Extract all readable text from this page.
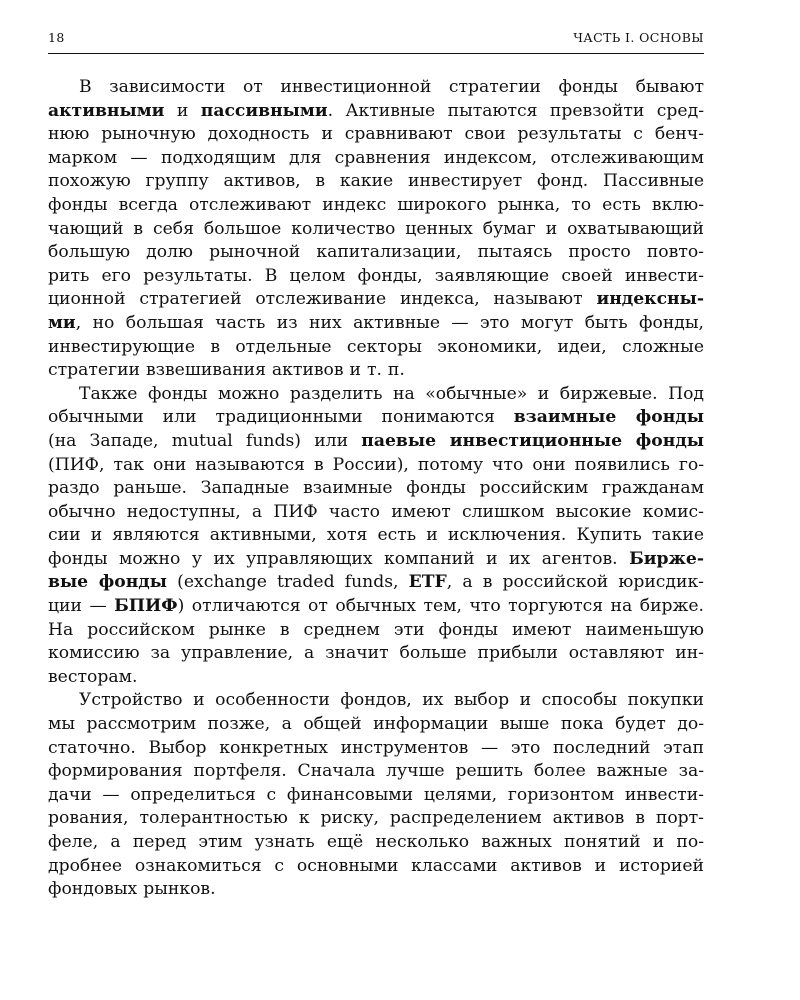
18	ЧАСТЬ I. ОСНОВЫ
В зависимости от инвестиционной стратегии фонды бывают
активными и пассивными. Активные пытаются превзойти сред-
нюю рыночную доходность и сравнивают свои результаты с бенч-
марком — подходящим для сравнения индексом, отслеживающим
похожую группу активов, в какие инвестирует фонд. Пассивные
фонды всегда отслеживают индекс широкого рынка, то есть вклю-
чающий в себя большое количество ценных бумаг и охватывающий
большую долю рыночной капитализации, пытаясь просто повто-
рить его результаты. В целом фонды, заявляющие своей инвести-
ционной стратегией отслеживание индекса, называют индексны-
ми, но большая часть из них активные — это могут быть фонды,
инвестирующие в отдельные секторы экономики, идеи, сложные
стратегии взвешивания активов и т. п.
Также фонды можно разделить на «обычные» и биржевые. Под
обычными или традиционными понимаются взаимные фонды
(на Западе, mutual funds) или паевые инвестиционные фонды
(ПИФ, так они называются в России), потому что они появились го-
раздо раньше. Западные взаимные фонды российским гражданам
обычно недоступны, а ПИФ часто имеют слишком высокие комис-
сии и являются активными, хотя есть и исключения. Купить такие
фонды можно у их управляющих компаний и их агентов. Бирже-
вые фонды (exchange traded funds, ETF, а в российской юрисдик-
ции — БПИФ) отличаются от обычных тем, что торгуются на бирже.
На российском рынке в среднем эти фонды имеют наименьшую
комиссию за управление, а значит больше прибыли оставляют ин-
весторам.
Устройство и особенности фондов, их выбор и способы покупки
мы рассмотрим позже, а общей информации выше пока будет до-
статочно. Выбор конкретных инструментов — это последний этап
формирования портфеля. Сначала лучше решить более важные за-
дачи — определиться с финансовыми целями, горизонтом инвести-
рования, толерантностью к риску, распределением активов в порт-
феле, а перед этим узнать ещё несколько важных понятий и по-
дробнее ознакомиться с основными классами активов и историей
фондовых рынков.
